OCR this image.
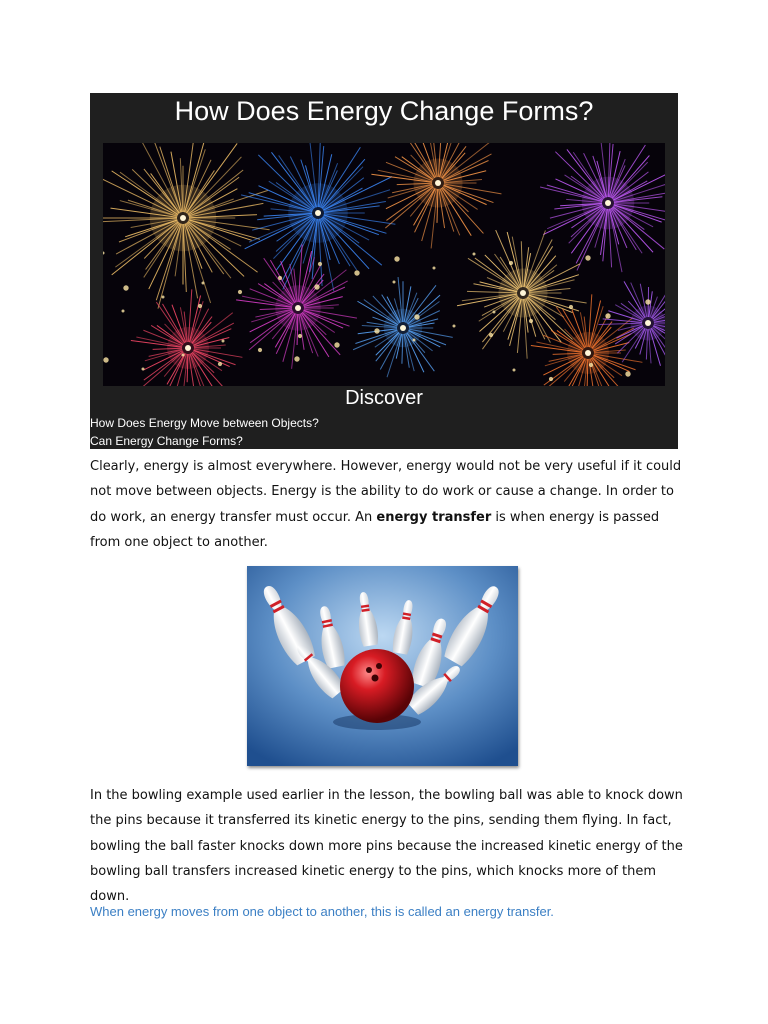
How Does Energy Change Forms?
Discover
How Does Energy Move between Objects?
Can Energy Change Forms?

Clearly, energy is almost everywhere. However, energy would not be very useful if it could not move between objects. Energy is the ability to do work or cause a change. In order to do work, an energy transfer must occur. An energy transfer is when energy is passed from one object to another.

In the bowling example used earlier in the lesson, the bowling ball was able to knock down the pins because it transferred its kinetic energy to the pins, sending them flying. In fact, bowling the ball faster knocks down more pins because the increased kinetic energy of the bowling ball transfers increased kinetic energy to the pins, which knocks more of them down.

When energy moves from one object to another, this is called an energy transfer.
